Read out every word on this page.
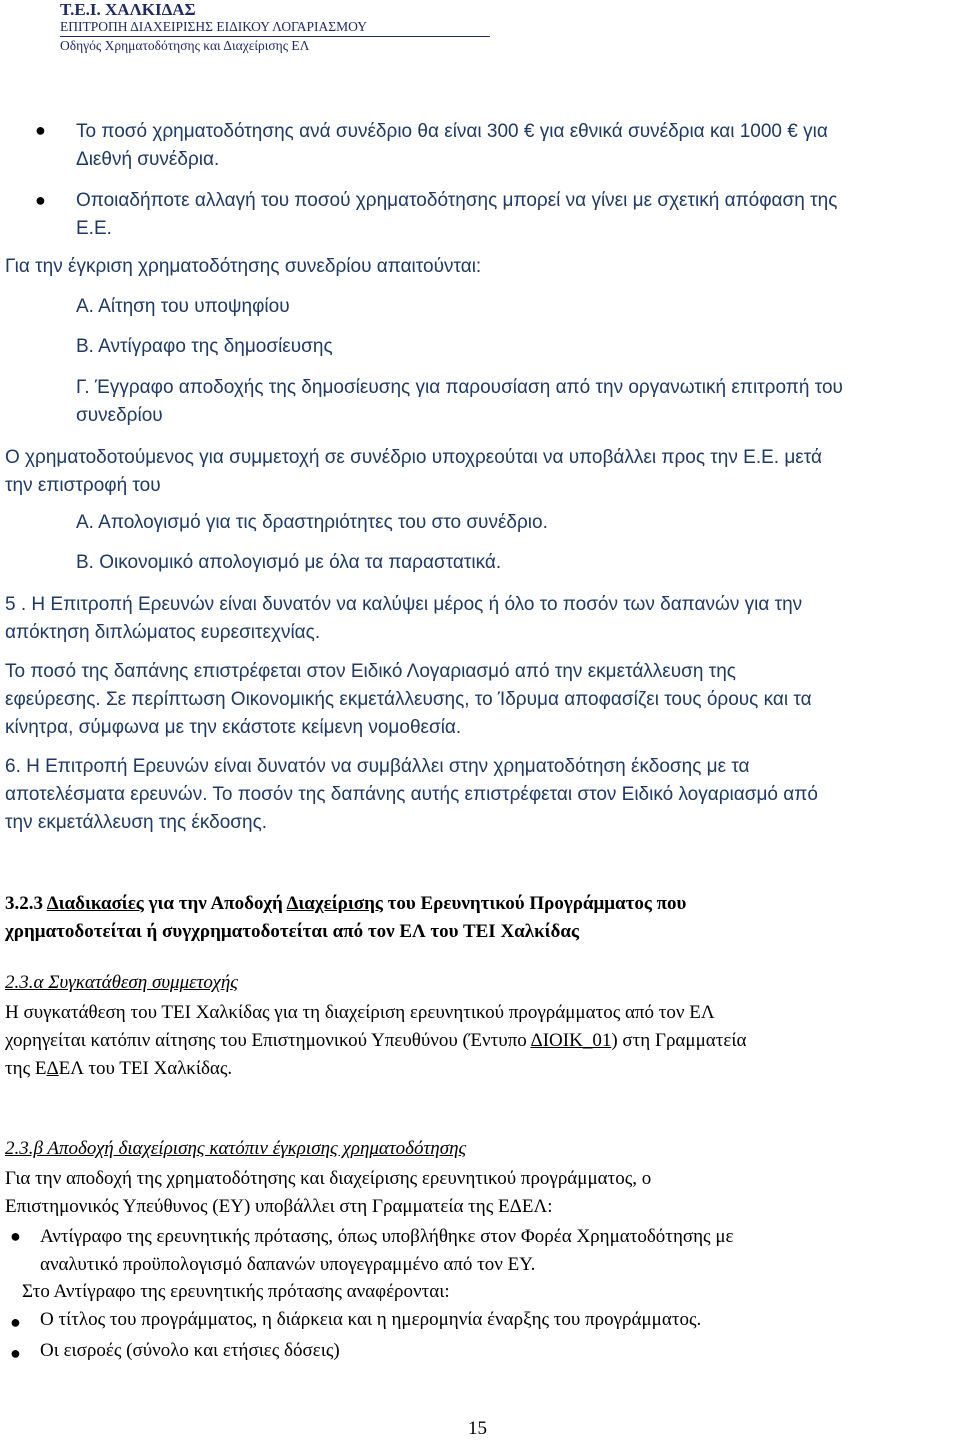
Τ.Ε.Ι. ΧΑΛΚΙΔΑΣ
ΕΠΙΤΡΟΠΗ ΔΙΑΧΕΙΡΙΣΗΣ ΕΙΔΙΚΟΥ ΛΟΓΑΡΙΑΣΜΟΥ
Οδηγός Χρηματοδότησης και Διαχείρισης ΕΛ
● Το ποσό χρηματοδότησης ανά συνέδριο θα είναι 300 € για εθνικά συνέδρια και 1000 € για
Διεθνή συνέδρια.
● Οποιαδήποτε αλλαγή του ποσού χρηματοδότησης μπορεί να γίνει με σχετική απόφαση της
Ε.Ε.
Για την έγκριση χρηματοδότησης συνεδρίου απαιτούνται:
Α. Αίτηση του υποψηφίου
Β. Αντίγραφο της δημοσίευσης
Γ. Έγγραφο αποδοχής της δημοσίευσης για παρουσίαση από την οργανωτική επιτροπή του
συνεδρίου
Ο χρηματοδοτούμενος για συμμετοχή σε συνέδριο υποχρεούται να υποβάλλει προς την Ε.Ε. μετά
την επιστροφή του
Α. Απολογισμό για τις δραστηριότητες του στο συνέδριο.
Β. Οικονομικό απολογισμό με όλα τα παραστατικά.
5 . Η Επιτροπή Ερευνών είναι δυνατόν να καλύψει μέρος ή όλο το ποσόν των δαπανών για την
απόκτηση διπλώματος ευρεσιτεχνίας.
Το ποσό της δαπάνης επιστρέφεται στον Ειδικό Λογαριασμό από την εκμετάλλευση της
εφεύρεσης. Σε περίπτωση Οικονομικής εκμετάλλευσης, το Ίδρυμα αποφασίζει τους όρους και τα
κίνητρα, σύμφωνα με την εκάστοτε κείμενη νομοθεσία.
6. Η Επιτροπή Ερευνών είναι δυνατόν να συμβάλλει στην χρηματοδότηση έκδοσης με τα
αποτελέσματα ερευνών. Το ποσόν της δαπάνης αυτής επιστρέφεται στον Ειδικό λογαριασμό από
την εκμετάλλευση της έκδοσης.
3.2.3 Διαδικασίες για την Αποδοχή Διαχείρισης του Ερευνητικού Προγράμματος που
χρηματοδοτείται ή συγχρηματοδοτείται από τον ΕΛ του ΤΕΙ Χαλκίδας
2.3.α Συγκατάθεση συμμετοχής
Η συγκατάθεση του ΤΕΙ Χαλκίδας για τη διαχείριση ερευνητικού προγράμματος από τον ΕΛ
χορηγείται κατόπιν αίτησης του Επιστημονικού Υπευθύνου (Έντυπο ΔΙΟΙΚ_01) στη Γραμματεία
της ΕΔΕΛ του ΤΕΙ Χαλκίδας.
2.3.β Αποδοχή διαχείρισης κατόπιν έγκρισης χρηματοδότησης
Για την αποδοχή της χρηματοδότησης και διαχείρισης ερευνητικού προγράμματος, ο
Επιστημονικός Υπεύθυνος (ΕΥ) υποβάλλει στη Γραμματεία της ΕΔΕΛ:
● Αντίγραφο της ερευνητικής πρότασης, όπως υποβλήθηκε στον Φορέα Χρηματοδότησης με
αναλυτικό προϋπολογισμό δαπανών υπογεγραμμένο από τον ΕΥ.
Στο Αντίγραφο της ερευνητικής πρότασης αναφέρονται:
● Ο τίτλος του προγράμματος, η διάρκεια και η ημερομηνία έναρξης του προγράμματος.
● Οι εισροές (σύνολο και ετήσιες δόσεις)
15
